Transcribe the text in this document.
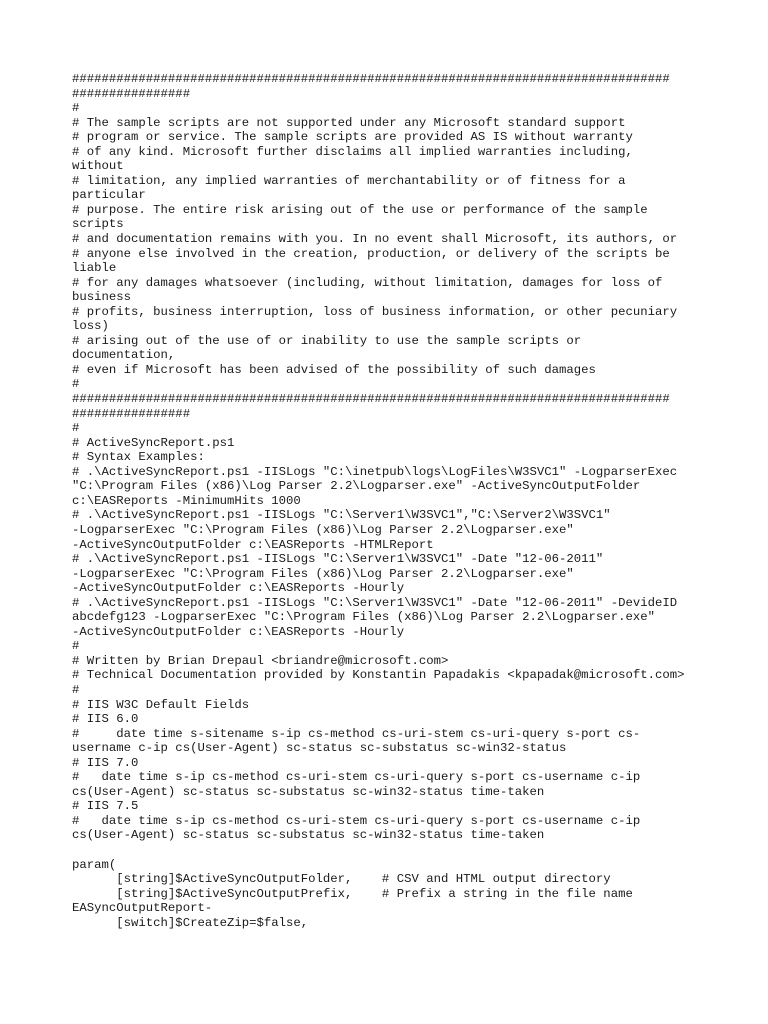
#################################################################################
################
#
# The sample scripts are not supported under any Microsoft standard support
# program or service. The sample scripts are provided AS IS without warranty
# of any kind. Microsoft further disclaims all implied warranties including,
without
# limitation, any implied warranties of merchantability or of fitness for a
particular
# purpose. The entire risk arising out of the use or performance of the sample
scripts
# and documentation remains with you. In no event shall Microsoft, its authors, or
# anyone else involved in the creation, production, or delivery of the scripts be
liable
# for any damages whatsoever (including, without limitation, damages for loss of
business
# profits, business interruption, loss of business information, or other pecuniary
loss)
# arising out of the use of or inability to use the sample scripts or
documentation,
# even if Microsoft has been advised of the possibility of such damages
#
#################################################################################
################
#
# ActiveSyncReport.ps1
# Syntax Examples:
# .\ActiveSyncReport.ps1 -IISLogs "C:\inetpub\logs\LogFiles\W3SVC1" -LogparserExec
"C:\Program Files (x86)\Log Parser 2.2\Logparser.exe" -ActiveSyncOutputFolder
c:\EASReports -MinimumHits 1000
# .\ActiveSyncReport.ps1 -IISLogs "C:\Server1\W3SVC1","C:\Server2\W3SVC1"
-LogparserExec "C:\Program Files (x86)\Log Parser 2.2\Logparser.exe"
-ActiveSyncOutputFolder c:\EASReports -HTMLReport
# .\ActiveSyncReport.ps1 -IISLogs "C:\Server1\W3SVC1" -Date "12-06-2011"
-LogparserExec "C:\Program Files (x86)\Log Parser 2.2\Logparser.exe"
-ActiveSyncOutputFolder c:\EASReports -Hourly
# .\ActiveSyncReport.ps1 -IISLogs "C:\Server1\W3SVC1" -Date "12-06-2011" -DevideID
abcdefg123 -LogparserExec "C:\Program Files (x86)\Log Parser 2.2\Logparser.exe"
-ActiveSyncOutputFolder c:\EASReports -Hourly
#
# Written by Brian Drepaul <briandre@microsoft.com>
# Technical Documentation provided by Konstantin Papadakis <kpapadak@microsoft.com>
#
# IIS W3C Default Fields
# IIS 6.0
#     date time s-sitename s-ip cs-method cs-uri-stem cs-uri-query s-port cs-
username c-ip cs(User-Agent) sc-status sc-substatus sc-win32-status
# IIS 7.0
#   date time s-ip cs-method cs-uri-stem cs-uri-query s-port cs-username c-ip
cs(User-Agent) sc-status sc-substatus sc-win32-status time-taken
# IIS 7.5
#   date time s-ip cs-method cs-uri-stem cs-uri-query s-port cs-username c-ip
cs(User-Agent) sc-status sc-substatus sc-win32-status time-taken
param(
[string]$ActiveSyncOutputFolder,    # CSV and HTML output directory
[string]$ActiveSyncOutputPrefix,    # Prefix a string in the file name
EASyncOutputReport-
[switch]$CreateZip=$false,
